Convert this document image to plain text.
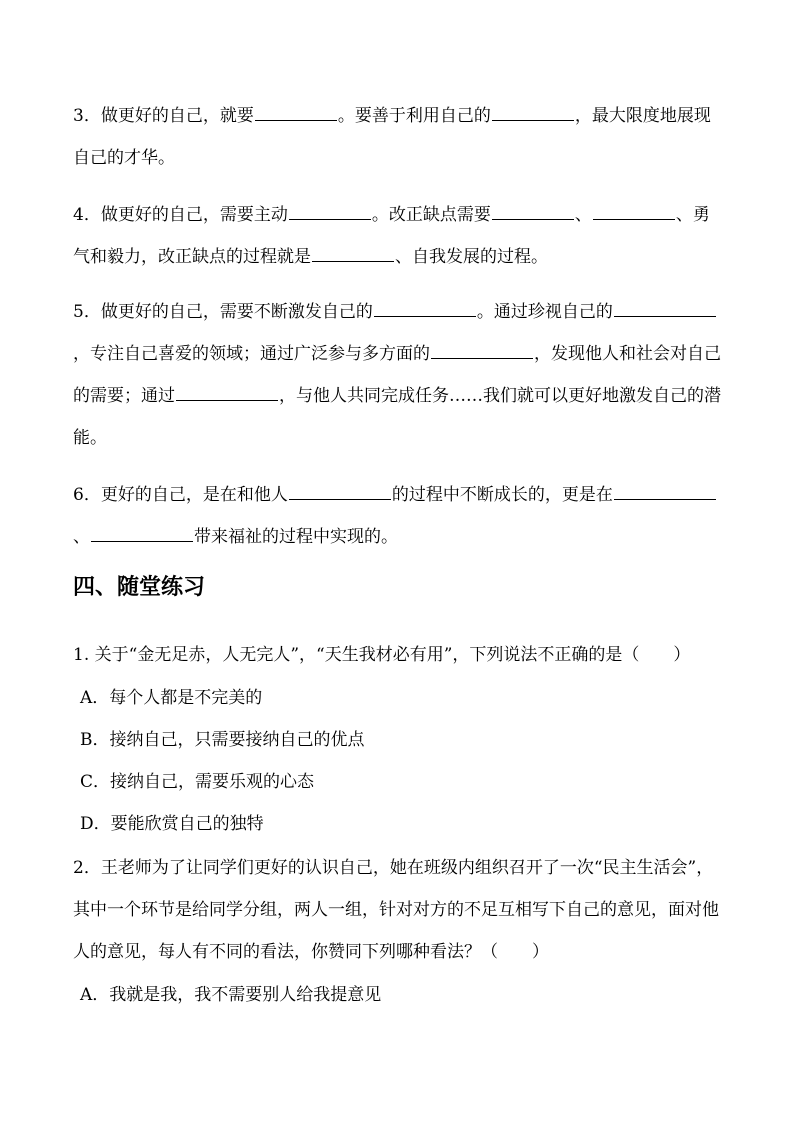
3．做更好的自己，就要	。要善于利用自己的	，最大限度地展现自己的才华。

4．做更好的自己，需要主动	。改正缺点需要	、	、勇气和毅力，改正缺点的过程就是	、自我发展的过程。

5．做更好的自己，需要不断激发自己的	。通过珍视自己的，专注自己喜爱的领域；通过广泛参与多方面的	，发现他人和社会对自己的需要；通过	，与他人共同完成任务……我们就可以更好地激发自己的潜能。

6．更好的自己，是在和他人	的过程中不断成长的，更是在、	带来福祉的过程中实现的。

四、随堂练习

1. 关于“金无足赤，人无完人”，“天生我材必有用”，下列说法不正确的是（　　）

A．每个人都是不完美的

B．接纳自己，只需要接纳自己的优点

C．接纳自己，需要乐观的心态

D．要能欣赏自己的独特

2．王老师为了让同学们更好的认识自己，她在班级内组织召开了一次“民主生活会”，其中一个环节是给同学分组，两人一组，针对对方的不足互相写下自己的意见，面对他人的意见，每人有不同的看法，你赞同下列哪种看法？（　　）

A．我就是我，我不需要别人给我提意见
